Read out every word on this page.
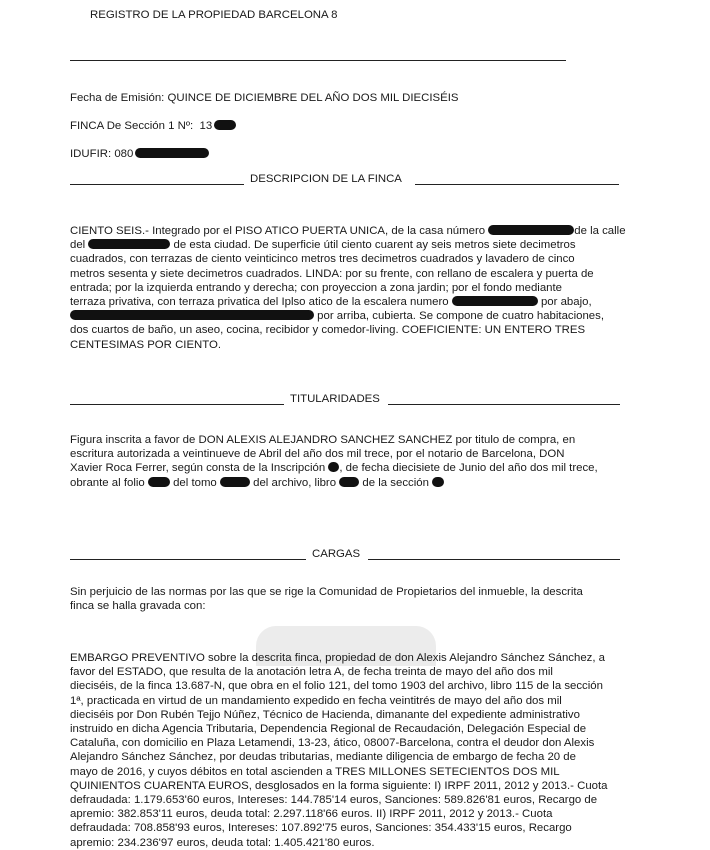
REGISTRO DE LA PROPIEDAD BARCELONA 8
Fecha de Emisión: QUINCE DE DICIEMBRE DEL AÑO DOS MIL DIECISÉIS
FINCA De Sección 1 Nº: 13
IDUFIR: 080
DESCRIPCION DE LA FINCA
CIENTO SEIS.- Integrado por el PISO ATICO PUERTA UNICA, de la casa número	de la calle
del	de esta ciudad. De superficie útil ciento cuarent ay seis metros siete decimetros
cuadrados, con terrazas de ciento veinticinco metros tres decimetros cuadrados y lavadero de cinco
metros sesenta y siete decimetros cuadrados. LINDA: por su frente, con rellano de escalera y puerta de
entrada; por la izquierda entrando y derecha; con proyeccion a zona jardin; por el fondo mediante
terraza privativa, con terraza privatica del Iplso atico de la escalera numero	por abajo,
por arriba, cubierta. Se compone de cuatro habitaciones,
dos cuartos de baño, un aseo, cocina, recibidor y comedor-living. COEFICIENTE: UN ENTERO TRES
CENTESIMAS POR CIENTO.
TITULARIDADES
Figura inscrita a favor de DON ALEXIS ALEJANDRO SANCHEZ SANCHEZ por titulo de compra, en
escritura autorizada a veintinueve de Abril del año dos mil trece, por el notario de Barcelona, DON
Xavier Roca Ferrer, según consta de la Inscripción , de fecha diecisiete de Junio del año dos mil trece,
obrante al folio del tomo	del archivo, libro de la sección
CARGAS
Sin perjuicio de las normas por las que se rige la Comunidad de Propietarios del inmueble, la descrita
finca se halla gravada con:
EMBARGO PREVENTIVO sobre la descrita finca, propiedad de don Alexis Alejandro Sánchez Sánchez, a
favor del ESTADO, que resulta de la anotación letra A, de fecha treinta de mayo del año dos mil
dieciséis, de la finca 13.687-N, que obra en el folio 121, del tomo 1903 del archivo, libro 115 de la sección
1ª, practicada en virtud de un mandamiento expedido en fecha veintitrés de mayo del año dos mil
dieciséis por Don Rubén Tejjo Núñez, Técnico de Hacienda, dimanante del expediente administrativo
instruido en dicha Agencia Tributaria, Dependencia Regional de Recaudación, Delegación Especial de
Cataluña, con domicilio en Plaza Letamendi, 13-23, ático, 08007-Barcelona, contra el deudor don Alexis
Alejandro Sánchez Sánchez, por deudas tributarias, mediante diligencia de embargo de fecha 20 de
mayo de 2016, y cuyos débitos en total ascienden a TRES MILLONES SETECIENTOS DOS MIL
QUINIENTOS CUARENTA EUROS, desglosados en la forma siguiente: I) IRPF 2011, 2012 y 2013.- Cuota
defraudada: 1.179.653'60 euros, Intereses: 144.785'14 euros, Sanciones: 589.826'81 euros, Recargo de
apremio: 382.853'11 euros, deuda total: 2.297.118'66 euros. II) IRPF 2011, 2012 y 2013.- Cuota
defraudada: 708.858'93 euros, Intereses: 107.892'75 euros, Sanciones: 354.433'15 euros, Recargo
apremio: 234.236'97 euros, deuda total: 1.405.421'80 euros.
